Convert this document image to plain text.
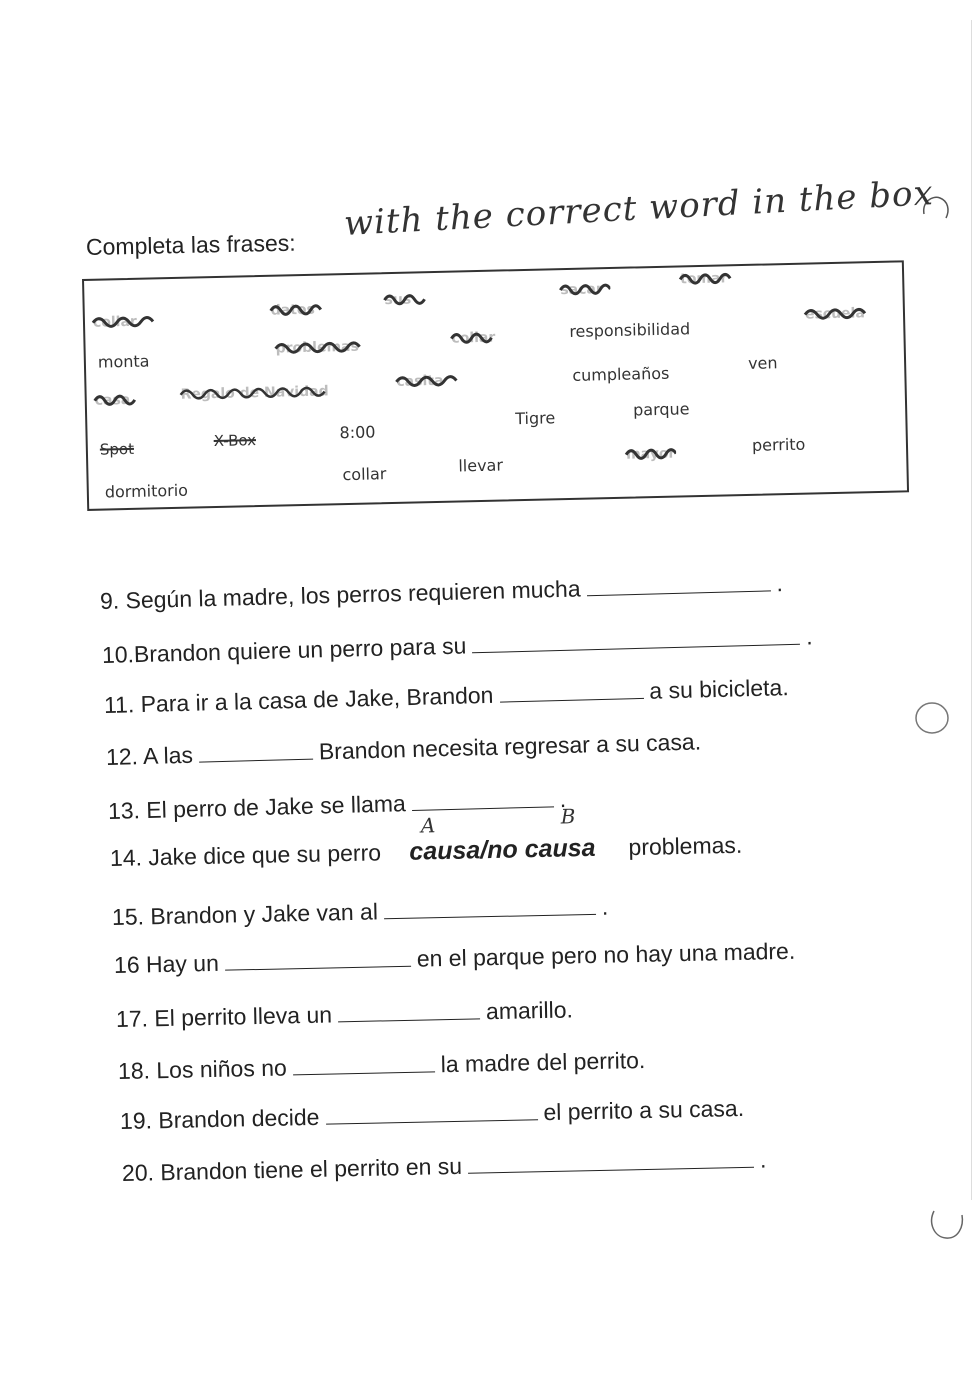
Completa las frases:
with the correct word in the box
collar
datos
sus
sacar
tomar
monta
problemas
collar	responsibilidad
escuela
casa	Regalo de Navidad
casita	cumpleaños
ven
Spot	X-Box	8:00
Tigre	parque
dormitorio
collar	llevar
mayor	perrito
9. Según la madre, los perros requieren mucha	.
10.Brandon quiere un perro para su	.
11. Para ir a la casa de Jake, Brandon	a su bicicleta.
12. A las	Brandon necesita regresar a su casa.
13. El perro de Jake se llama	.
14. Jake dice que su perro
A	B
causa/no causa problemas.
15. Brandon y Jake van al	.
16 Hay un	en el parque pero no hay una madre.
17. El perrito lleva un	amarillo.
18. Los niños no	la madre del perrito.
19. Brandon decide	el perrito a su casa.
20. Brandon tiene el perrito en su	.
